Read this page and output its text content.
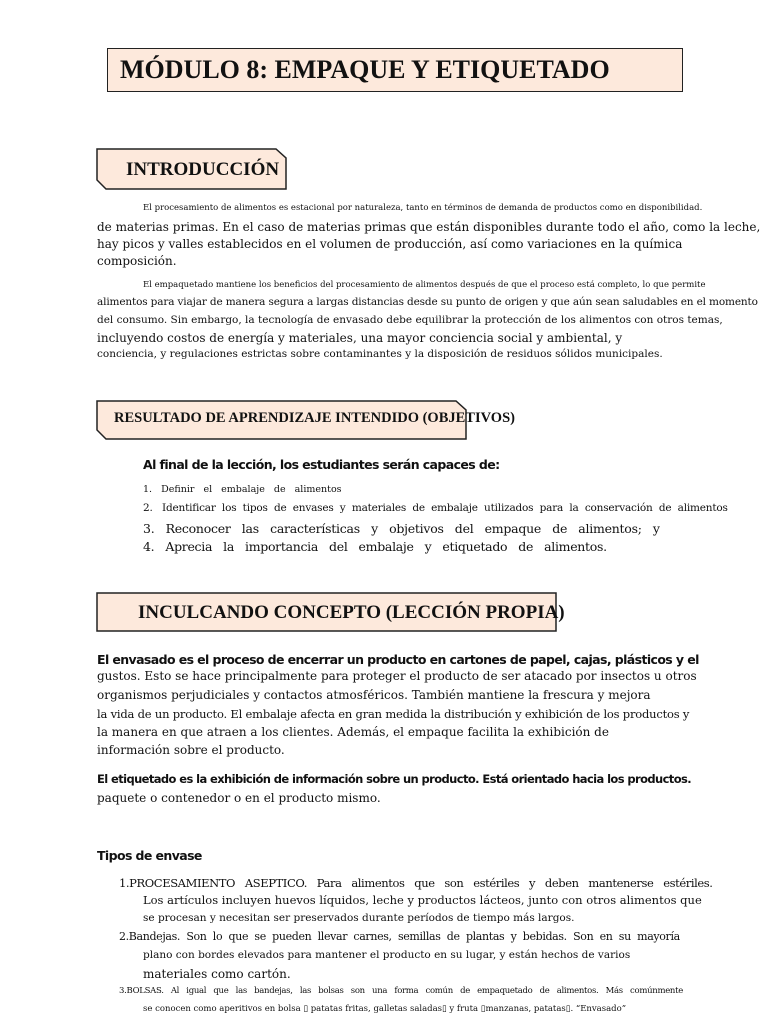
MÓDULO 8: EMPAQUE Y ETIQUETADO
INTRODUCCIÓN
El procesamiento de alimentos es estacional por naturaleza, tanto en términos de demanda de productos como en disponibilidad.
de materias primas. En el caso de materias primas que están disponibles durante todo el año, como la leche,
hay picos y valles establecidos en el volumen de producción, así como variaciones en la química
composición.
El empaquetado mantiene los beneficios del procesamiento de alimentos después de que el proceso está completo, lo que permite
alimentos para viajar de manera segura a largas distancias desde su punto de origen y que aún sean saludables en el momento
del consumo. Sin embargo, la tecnología de envasado debe equilibrar la protección de los alimentos con otros temas,
incluyendo costos de energía y materiales, una mayor conciencia social y ambiental, y
conciencia, y regulaciones estrictas sobre contaminantes y la disposición de residuos sólidos municipales.
RESULTADO DE APRENDIZAJE INTENDIDO (OBJETIVOS)
Al final de la lección, los estudiantes serán capaces de:
1.   Definir   el   embalaje   de   alimentos
2.   Identificar  los  tipos  de  envases  y  materiales  de  embalaje  utilizados  para  la  conservación  de  alimentos
3.   Reconocer   las   características   y   objetivos   del   empaque   de   alimentos;   y
4.   Aprecia   la   importancia   del   embalaje   y   etiquetado   de   alimentos.
INCULCANDO CONCEPTO (LECCIÓN PROPIA)
El envasado es el proceso de encerrar un producto en cartones de papel, cajas, plásticos y el
gustos. Esto se hace principalmente para proteger el producto de ser atacado por insectos u otros
organismos perjudiciales y contactos atmosféricos. También mantiene la frescura y mejora
la vida de un producto. El embalaje afecta en gran medida la distribución y exhibición de los productos y
la manera en que atraen a los clientes. Además, el empaque facilita la exhibición de
información sobre el producto.
El etiquetado es la exhibición de información sobre un producto. Está orientado hacia los productos.
paquete o contenedor o en el producto mismo.
Tipos de envase
1.PROCESAMIENTO   ASEPTICO.   Para   alimentos   que   son   estériles   y   deben   mantenerse   estériles.
Los artículos incluyen huevos líquidos, leche y productos lácteos, junto con otros alimentos que
se procesan y necesitan ser preservados durante períodos de tiempo más largos.
2.Bandejas.  Son  lo  que  se  pueden  llevar  carnes,  semillas  de  plantas  y  bebidas.  Son  en  su  mayoría
plano con bordes elevados para mantener el producto en su lugar, y están hechos de varios
materiales como cartón.
3.BOLSAS.   Al   igual   que   las   bandejas,   las   bolsas   son   una   forma   común   de   empaquetado   de   alimentos.   Más   comúnmente
se conocen como aperitivos en bolsa ▯ patatas fritas, galletas saladas▯ y fruta ▯manzanas, patatas▯. “Envasado”
